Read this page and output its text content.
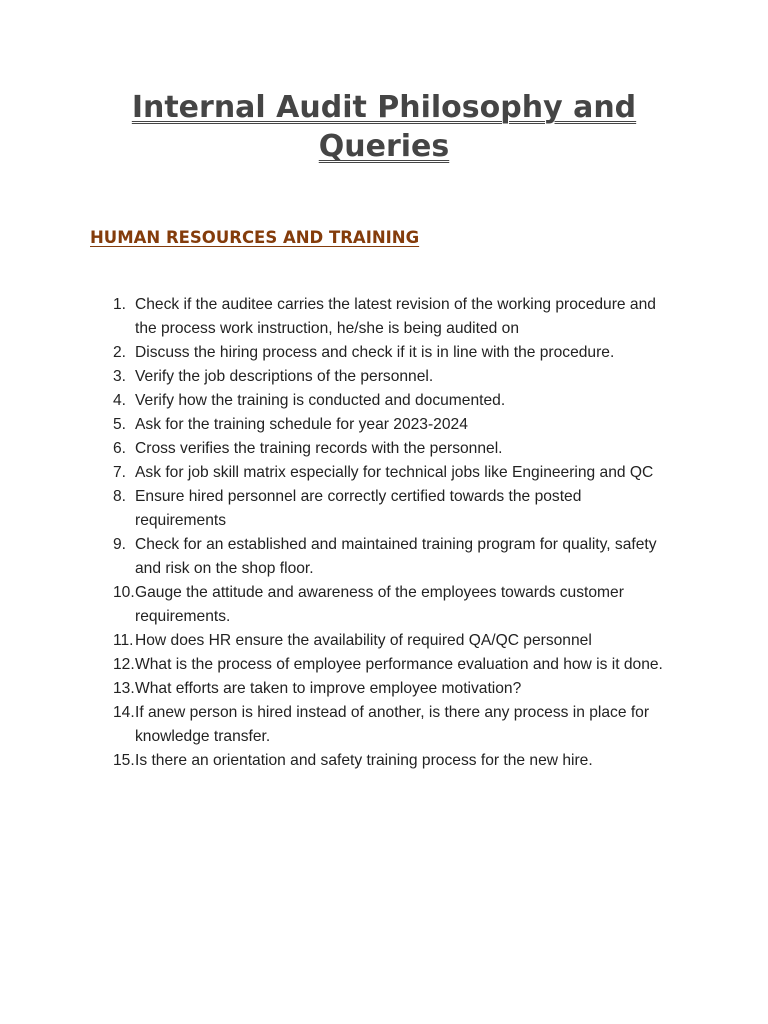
Internal Audit Philosophy and Queries
HUMAN RESOURCES AND TRAINING
1. Check if the auditee carries the latest revision of the working procedure and the process work instruction, he/she is being audited on
2. Discuss the hiring process and check if it is in line with the procedure.
3. Verify the job descriptions of the personnel.
4. Verify how the training is conducted and documented.
5. Ask for the training schedule for year 2023-2024
6. Cross verifies the training records with the personnel.
7. Ask for job skill matrix especially for technical jobs like Engineering and QC
8. Ensure hired personnel are correctly certified towards the posted requirements
9. Check for an established and maintained training program for quality, safety and risk on the shop floor.
10. Gauge the attitude and awareness of the employees towards customer requirements.
11. How does HR ensure the availability of required QA/QC personnel
12. What is the process of employee performance evaluation and how is it done.
13. What efforts are taken to improve employee motivation?
14. If anew person is hired instead of another, is there any process in place for knowledge transfer.
15. Is there an orientation and safety training process for the new hire.
